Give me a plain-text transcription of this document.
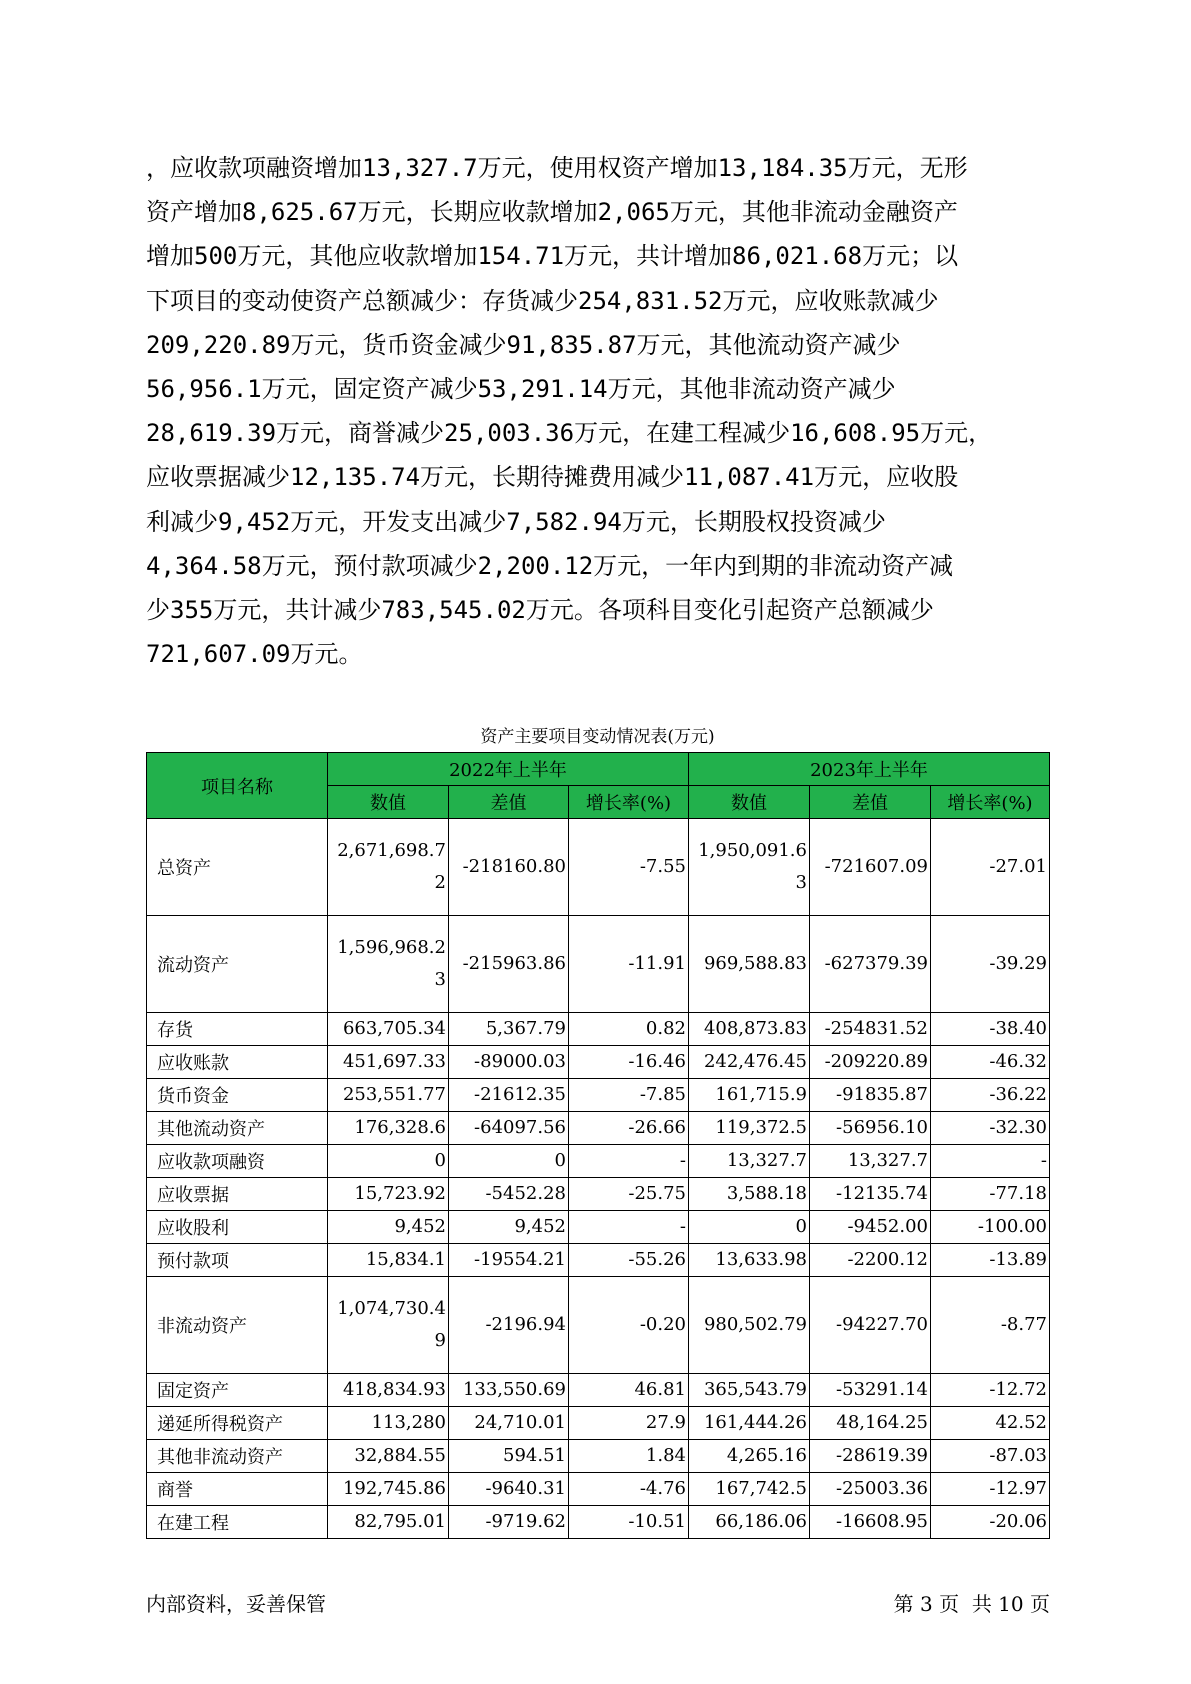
，应收款项融资增加13,327.7万元，使用权资产增加13,184.35万元，无形
资产增加8,625.67万元，长期应收款增加2,065万元，其他非流动金融资产
增加500万元，其他应收款增加154.71万元，共计增加86,021.68万元；以
下项目的变动使资产总额减少：存货减少254,831.52万元，应收账款减少
209,220.89万元，货币资金减少91,835.87万元，其他流动资产减少
56,956.1万元，固定资产减少53,291.14万元，其他非流动资产减少
28,619.39万元，商誉减少25,003.36万元，在建工程减少16,608.95万元，
应收票据减少12,135.74万元，长期待摊费用减少11,087.41万元，应收股
利减少9,452万元，开发支出减少7,582.94万元，长期股权投资减少
4,364.58万元，预付款项减少2,200.12万元，一年内到期的非流动资产减
少355万元，共计减少783,545.02万元。各项科目变化引起资产总额减少
721,607.09万元。
资产主要项目变动情况表(万元)
项目名称	2022年上半年			2023年上半年		
	数值	差值	增长率(%)	数值	差值	增长率(%)
总资产	2,671,698.72	-218160.80	-7.55	1,950,091.63	-721607.09	-27.01
流动资产	1,596,968.23	-215963.86	-11.91	969,588.83	-627379.39	-39.29
存货	663,705.34	5,367.79	0.82	408,873.83	-254831.52	-38.40
应收账款	451,697.33	-89000.03	-16.46	242,476.45	-209220.89	-46.32
货币资金	253,551.77	-21612.35	-7.85	161,715.9	-91835.87	-36.22
其他流动资产	176,328.6	-64097.56	-26.66	119,372.5	-56956.10	-32.30
应收款项融资	0	0	-	13,327.7	13,327.7	-
应收票据	15,723.92	-5452.28	-25.75	3,588.18	-12135.74	-77.18
应收股利	9,452	9,452	-	0	-9452.00	-100.00
预付款项	15,834.1	-19554.21	-55.26	13,633.98	-2200.12	-13.89
非流动资产	1,074,730.49	-2196.94	-0.20	980,502.79	-94227.70	-8.77
固定资产	418,834.93	133,550.69	46.81	365,543.79	-53291.14	-12.72
递延所得税资产	113,280	24,710.01	27.9	161,444.26	48,164.25	42.52
其他非流动资产	32,884.55	594.51	1.84	4,265.16	-28619.39	-87.03
商誉	192,745.86	-9640.31	-4.76	167,742.5	-25003.36	-12.97
在建工程	82,795.01	-9719.62	-10.51	66,186.06	-16608.95	-20.06
内部资料，妥善保管	第 3 页  共 10 页
